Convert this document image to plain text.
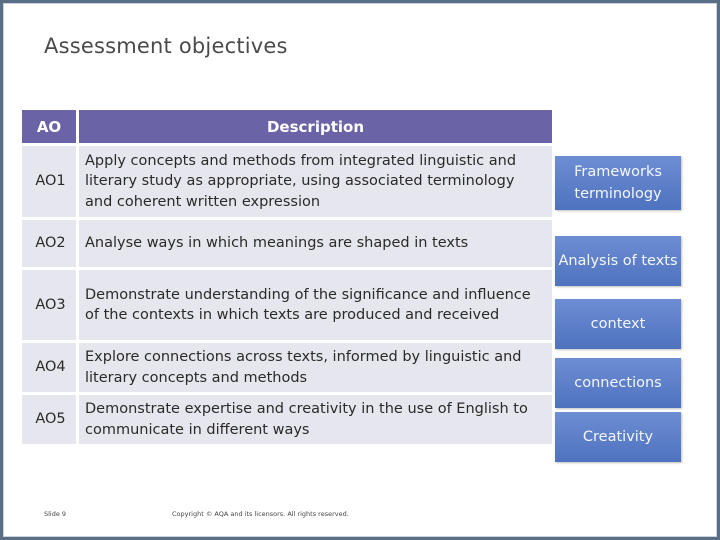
Assessment objectives
AO	Description
AO1	Apply concepts and methods from integrated linguistic and literary study as appropriate, using associated terminology and coherent written expression
AO2	Analyse ways in which meanings are shaped in texts
AO3	Demonstrate understanding of the significance and influence of the contexts in which texts are produced and received
AO4	Explore connections across texts, informed by linguistic and literary concepts and methods
AO5	Demonstrate expertise and creativity in the use of English to communicate in different ways
Frameworks terminology
Analysis of texts
context
connections
Creativity
Slide 9	Copyright © AQA and its licensors. All rights reserved.
